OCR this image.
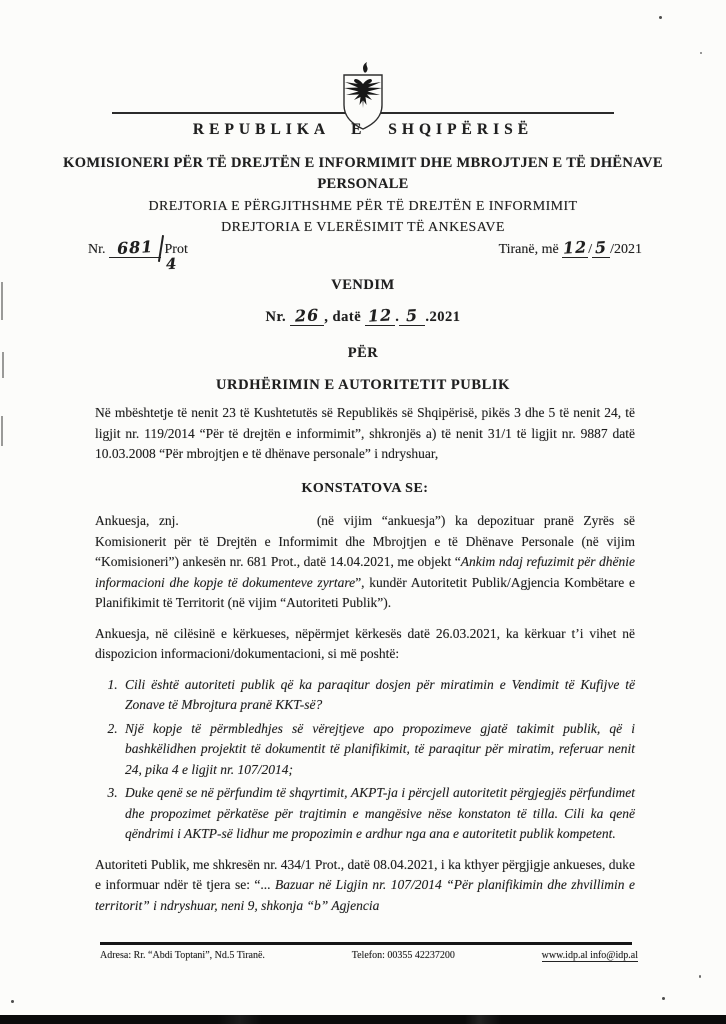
REPUBLIKA E SHQIPËRISË
KOMISIONERI PËR TË DREJTËN E INFORMIMIT DHE MBROJTJEN E TË DHËNAVE PERSONALE
DREJTORIA E PËRGJITHSHME PËR TË DREJTËN E INFORMIMIT
DREJTORIA E VLERËSIMIT TË ANKESAVE
Nr. 681
4
Prot	Tiranë, më 12/ 5 /2021
VENDIM
Nr. 26 , datë 12 . 5 .2021
PËR
URDHËRIMIN E AUTORITETIT PUBLIK

Në mbështetje të nenit 23 të Kushtetutës së Republikës së Shqipërisë, pikës 3 dhe 5 të nenit 24, të ligjit nr. 119/2014 “Për të drejtën e informimit”, shkronjës a) të nenit 31/1 të ligjit nr. 9887 datë 10.03.2008 “Për mbrojtjen e të dhënave personale” i ndryshuar,

KONSTATOVA SE:

Ankuesja, znj.	(në vijim “ankuesja”) ka depozituar pranë Zyrës së Komisionerit për të Drejtën e Informimit dhe Mbrojtjen e të Dhënave Personale (në vijim “Komisioneri”) ankesën nr. 681 Prot., datë 14.04.2021, me objekt “Ankim ndaj refuzimit për dhënie informacioni dhe kopje të dokumenteve zyrtare”, kundër Autoritetit Publik/Agjencia Kombëtare e Planifikimit të Territorit (në vijim “Autoriteti Publik”).

Ankuesja, në cilësinë e kërkueses, nëpërmjet kërkesës datë 26.03.2021, ka kërkuar t’i vihet në dispozicion informacioni/dokumentacioni, si më poshtë:

1. Cili është autoriteti publik që ka paraqitur dosjen për miratimin e Vendimit të Kufijve të Zonave të Mbrojtura pranë KKT-së?
2. Një kopje të përmbledhjes së vërejtjeve apo propozimeve gjatë takimit publik, që i bashkëlidhen projektit të dokumentit të planifikimit, të paraqitur për miratim, referuar nenit 24, pika 4 e ligjit nr. 107/2014;
3. Duke qenë se në përfundim të shqyrtimit, AKPT-ja i përcjell autoritetit përgjegjës përfundimet dhe propozimet përkatëse për trajtimin e mangësive nëse konstaton të tilla. Cili ka qenë qëndrimi i AKTP-së lidhur me propozimin e ardhur nga ana e autoritetit publik kompetent.

Autoriteti Publik, me shkresën nr. 434/1 Prot., datë 08.04.2021, i ka kthyer përgjigje ankueses, duke e informuar ndër të tjera se: “... Bazuar në Ligjin nr. 107/2014 “Për planifikimin dhe zhvillimin e territorit” i ndryshuar, neni 9, shkonja “b” Agjencia

Adresa: Rr. “Abdi Toptani”, Nd.5 Tiranë.	Telefon: 00355 42237200	www.idp.al info@idp.al
